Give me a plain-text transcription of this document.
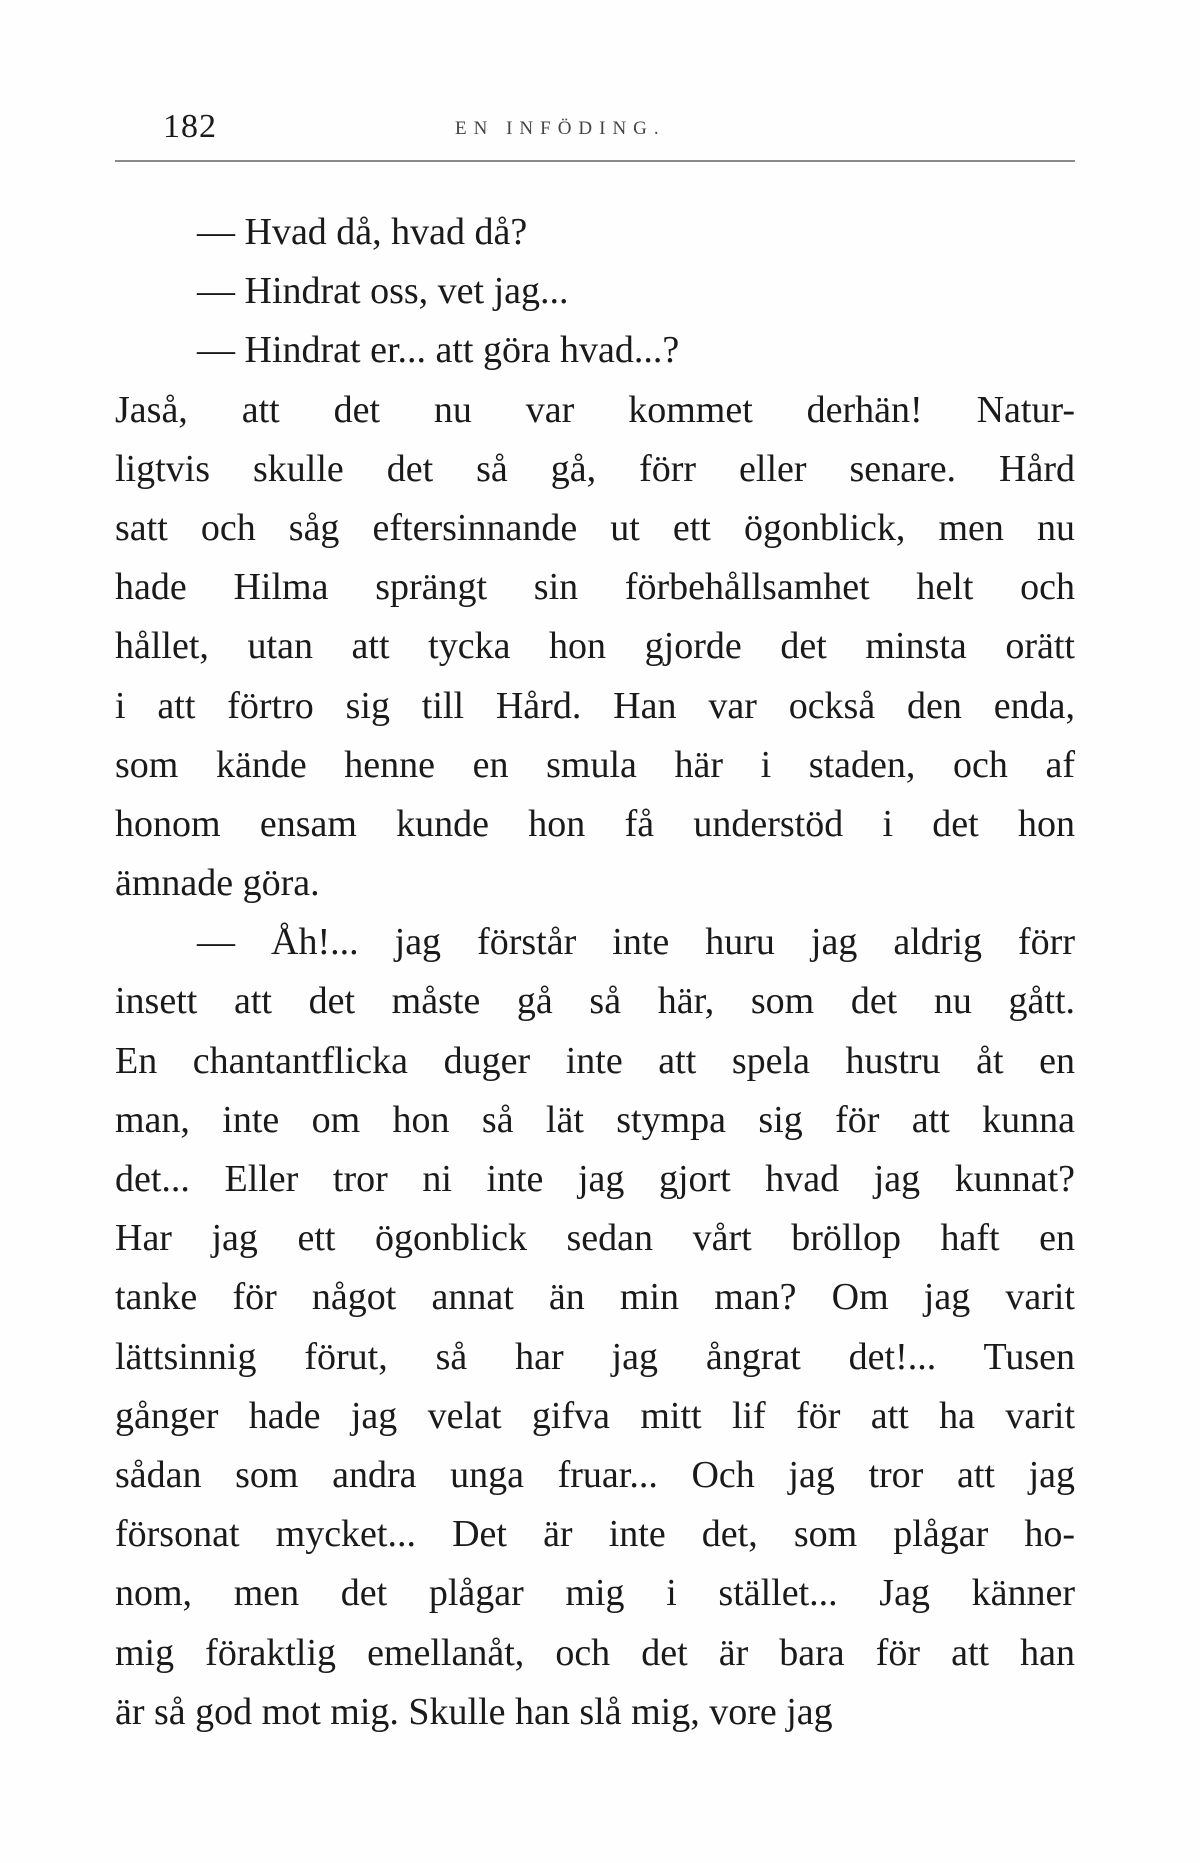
182	EN INFÖDING.
— Hvad då, hvad då?
— Hindrat oss, vet jag...
— Hindrat er... att göra hvad...?
Jaså, att det nu var kommet derhän! Natur-
ligtvis skulle det så gå, förr eller senare. Hård
satt och såg eftersinnande ut ett ögonblick, men nu
hade Hilma sprängt sin förbehållsamhet helt och
hållet, utan att tycka hon gjorde det minsta orätt
i att förtro sig till Hård. Han var också den enda,
som kände henne en smula här i staden, och af
honom ensam kunde hon få understöd i det hon
ämnade göra.
— Åh!... jag förstår inte huru jag aldrig förr
insett att det måste gå så här, som det nu gått.
En chantantflicka duger inte att spela hustru åt en
man, inte om hon så lät stympa sig för att kunna
det... Eller tror ni inte jag gjort hvad jag kunnat?
Har jag ett ögonblick sedan vårt bröllop haft en
tanke för något annat än min man? Om jag varit
lättsinnig förut, så har jag ångrat det!... Tusen
gånger hade jag velat gifva mitt lif för att ha varit
sådan som andra unga fruar... Och jag tror att jag
försonat mycket... Det är inte det, som plågar ho-
nom, men det plågar mig i stället... Jag känner
mig föraktlig emellanåt, och det är bara för att han
är så god mot mig. Skulle han slå mig, vore jag
